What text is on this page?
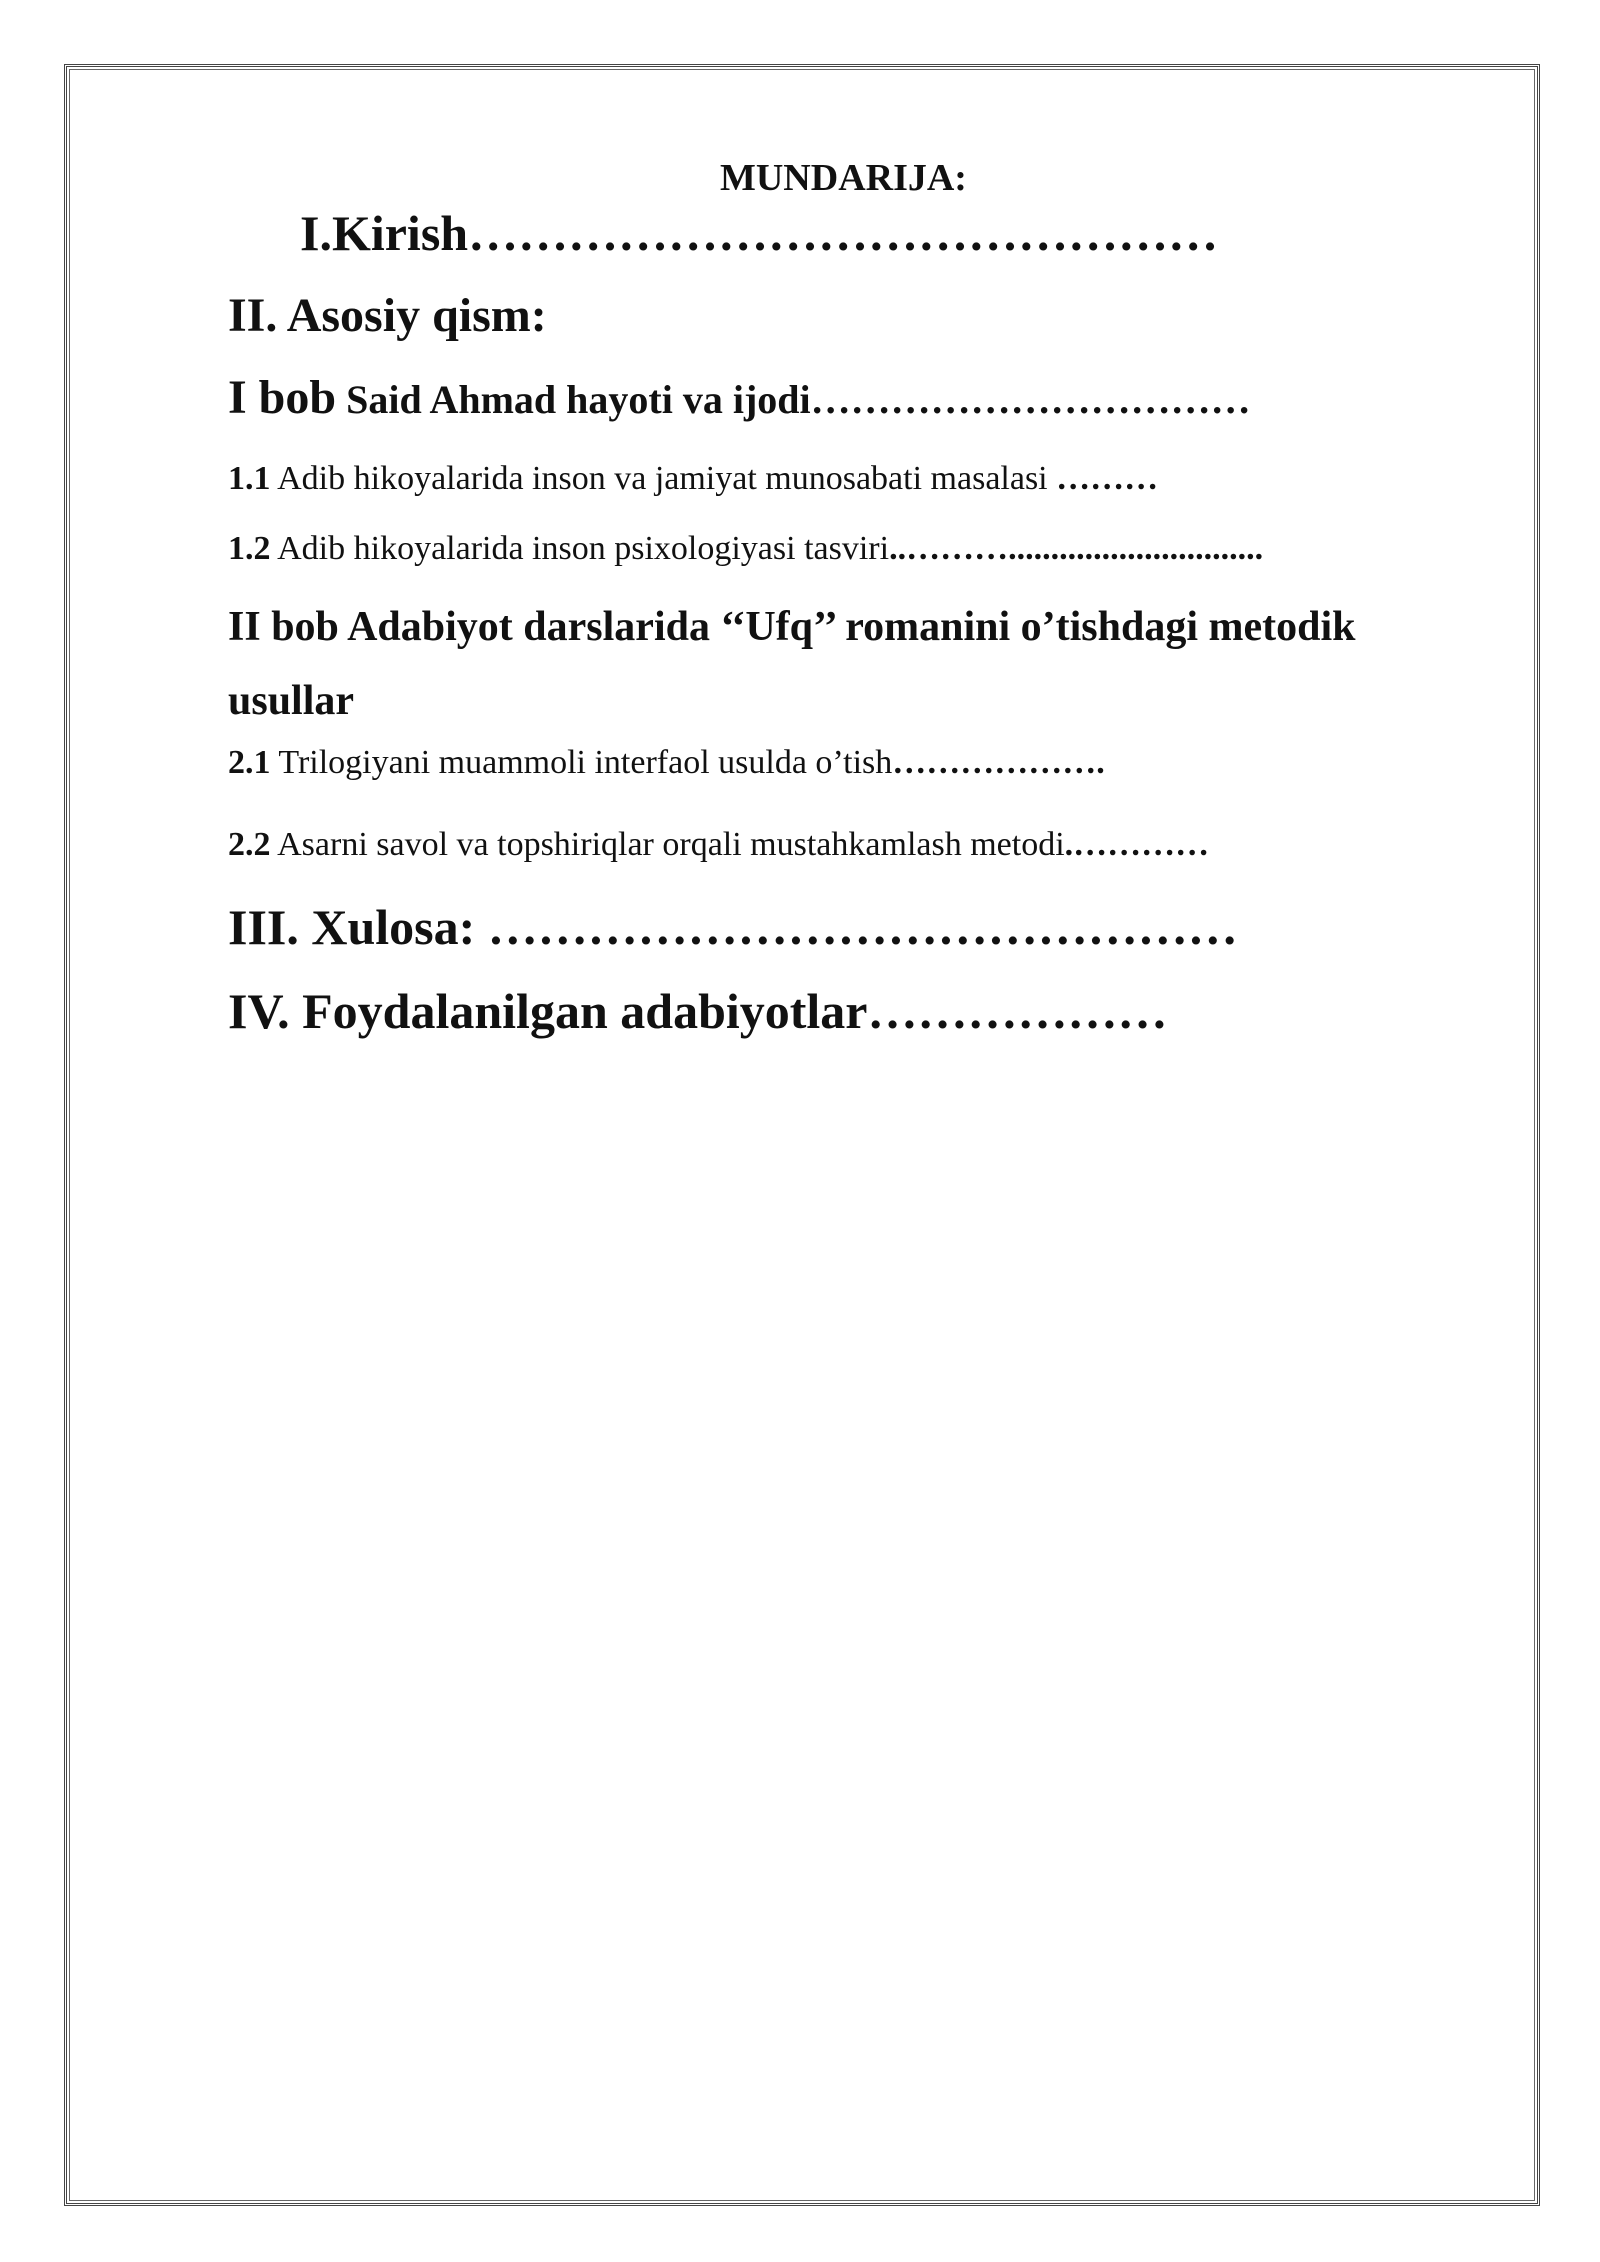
MUNDARIJA:
I.Kirish………………………………………
II. Asosiy qism:
I bob Said Ahmad hayoti va ijodi……………………………
1.1 Adib hikoyalarida inson va jamiyat munosabati masalasi ………
1.2 Adib hikoyalarida inson psixologiyasi tasviri..………..............................
II bob Adabiyot darslarida ‘‘Ufq’’ romanini o’tishdagi metodik usullar
2.1 Trilogiyani muammoli interfaol usulda o’tish……………….
2.2 Asarni savol va topshiriqlar orqali mustahkamlash metodi.…………
III. Xulosa: ………………………………………
IV. Foydalanilgan adabiyotlar………………
